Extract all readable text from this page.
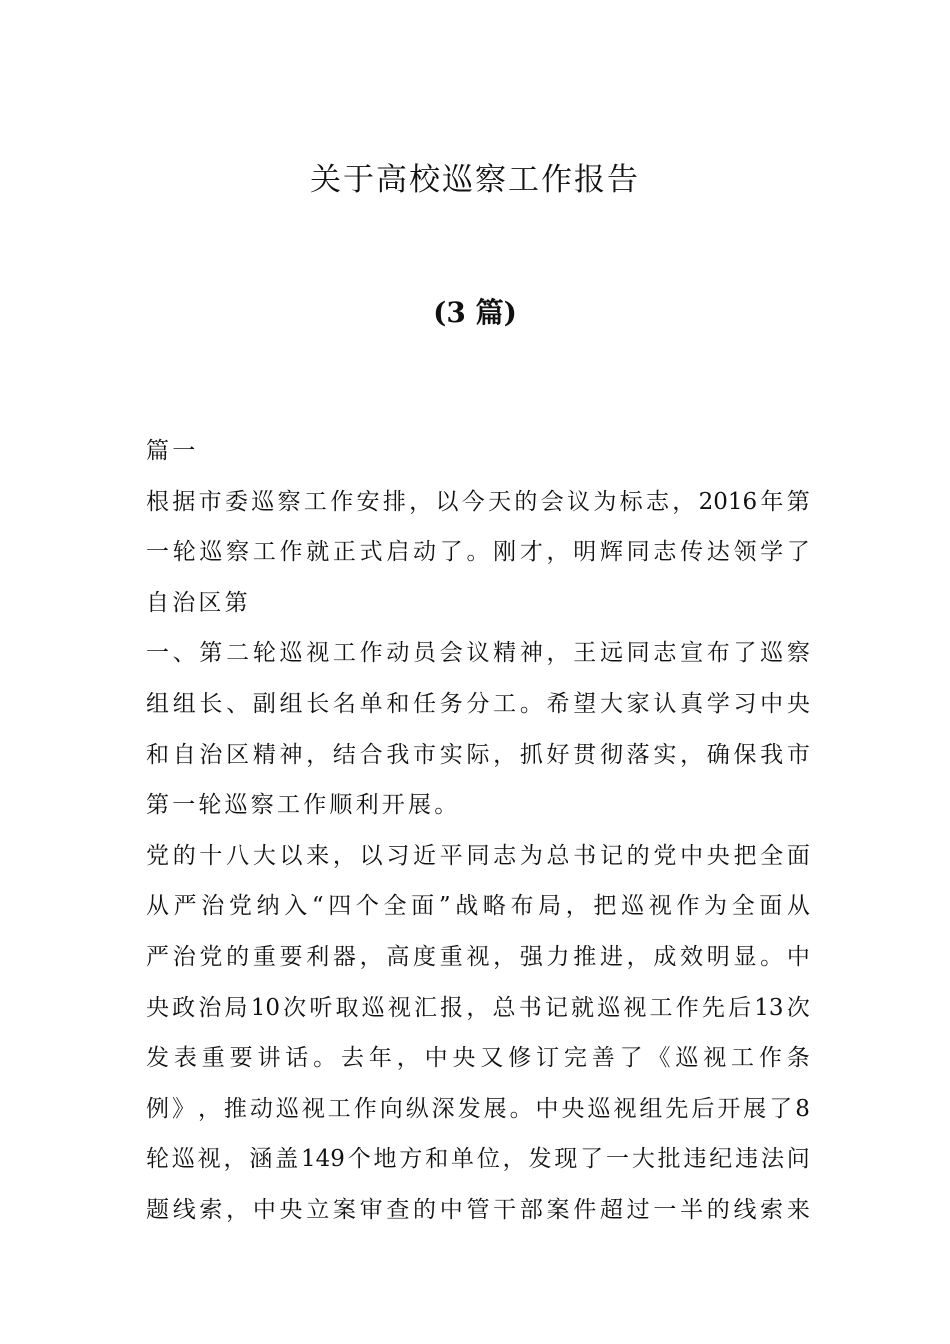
关于高校巡察工作报告
(3 篇)
篇一
根 据 市 委 巡 察 工 作 安 排 ， 以 今 天 的 会 议 为 标 志 ， 2016 年 第
一 轮 巡 察 工 作 就 正 式 启 动 了 。 刚 才 ， 明 辉 同 志 传 达 领 学 了
自治区第
一 、 第 二 轮 巡 视 工 作 动 员 会 议 精 神 ， 王 远 同 志 宣 布 了 巡 察
组 组 长 、 副 组 长 名 单 和 任 务 分 工 。 希 望 大 家 认 真 学 习 中 央
和 自 治 区 精 神 ， 结 合 我 市 实 际 ， 抓 好 贯 彻 落 实 ， 确 保 我 市
第一轮巡察工作顺利开展。
党 的 十 八 大 以 来 ， 以 习 近 平 同 志 为 总 书 记 的 党 中 央 把 全 面
从 严 治 党 纳 入 “ 四 个 全 面 ” 战 略 布 局 ， 把 巡 视 作 为 全 面 从
严 治 党 的 重 要 利 器 ， 高 度 重 视 ， 强 力 推 进 ， 成 效 明 显 。 中
央 政 治 局 10 次 听 取 巡 视 汇 报 ， 总 书 记 就 巡 视 工 作 先 后 13 次
发 表 重 要 讲 话 。 去 年 ， 中 央 又 修 订 完 善 了 《 巡 视 工 作 条
例 》 ， 推 动 巡 视 工 作 向 纵 深 发 展 。 中 央 巡 视 组 先 后 开 展 了 8
轮 巡 视 ， 涵 盖 149 个 地 方 和 单 位 ， 发 现 了 一 大 批 违 纪 违 法 问
题 线 索 ， 中 央 立 案 审 查 的 中 管 干 部 案 件 超 过 一 半 的 线 索 来
